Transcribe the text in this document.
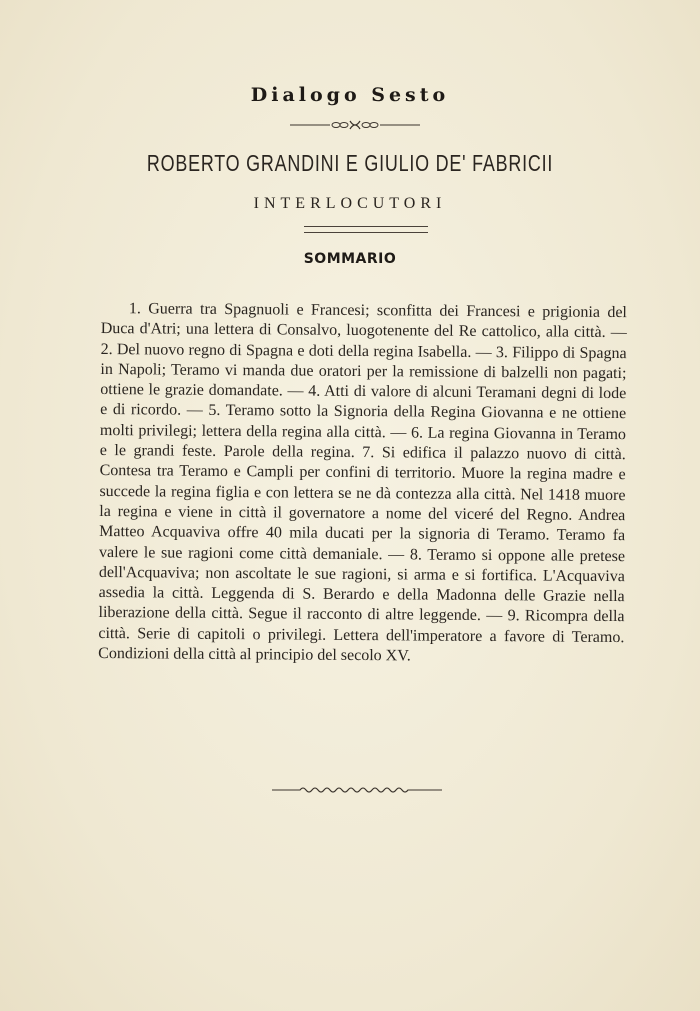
Dialogo Sesto
ROBERTO GRANDINI E GIULIO DE' FABRICII
INTERLOCUTORI
SOMMARIO

1. Guerra tra Spagnuoli e Francesi; sconfitta dei Francesi e prigionia del Duca d'Atri; una lettera di Consalvo, luogotenente del Re cattolico, alla città. — 2. Del nuovo regno di Spagna e doti della regina Isabella. — 3. Filippo di Spagna in Napoli; Teramo vi manda due oratori per la remissione di balzelli non pagati; ottiene le grazie domandate. — 4. Atti di valore di alcuni Teramani degni di lode e di ricordo. — 5. Teramo sotto la Signoria della Regina Giovanna e ne ottiene molti privilegi; lettera della regina alla città. — 6. La regina Giovanna in Teramo e le grandi feste. Parole della regina. 7. Si edifica il palazzo nuovo di città. Contesa tra Teramo e Campli per confini di territorio. Muore la regina madre e succede la regina figlia e con lettera se ne dà contezza alla città. Nel 1418 muore la regina e viene in città il governatore a nome del viceré del Regno. Andrea Matteo Acquaviva offre 40 mila ducati per la signoria di Teramo. Teramo fa valere le sue ragioni come città demaniale. — 8. Teramo si oppone alle pretese dell'Acquaviva; non ascoltate le sue ragioni, si arma e si fortifica. L'Acquaviva assedia la città. Leggenda di S. Berardo e della Madonna delle Grazie nella liberazione della città. Segue il racconto di altre leggende. — 9. Ricompra della città. Serie di capitoli o privilegi. Lettera dell'imperatore a favore di Teramo. Condizioni della città al principio del secolo XV.
